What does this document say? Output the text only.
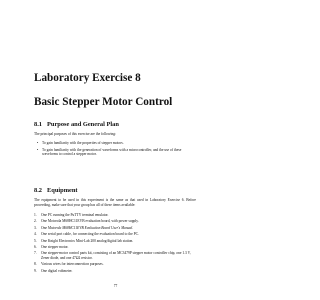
Laboratory Exercise 8
Basic Stepper Motor Control
8.1 Purpose and General Plan
The principal purposes of this exercise are the following:
• To gain familiarity with the properties of stepper motors.
• To gain familiarity with the generation of waveforms with a microcontroller, and the use of these waveforms to control a stepper motor.
8.2 Equipment
The equipment to be used in this experiment is the same as that used in Laboratory Exercise 6. Before proceeding, make sure that your group has all of these items available:
1. One PC running the PuTTY terminal emulator.
2. One Motorola M68HC11EVB evaluation board, with power supply.
3. One Motorola M68HC11EVB Evaluation Board User's Manual.
4. One serial port cable, for connecting the evaluation board to the PC.
5. One Knight Electronics Mini-Lab 200 analog/digital lab station.
6. One stepper motor.
7. One stepper-motor control parts kit, consisting of an MC3479P stepper motor controller chip, one 1.3 V, Zener diode, and one 47Ω2 resistor.
8. Various wires for interconnection purposes.
9. One digital voltmeter.
77
